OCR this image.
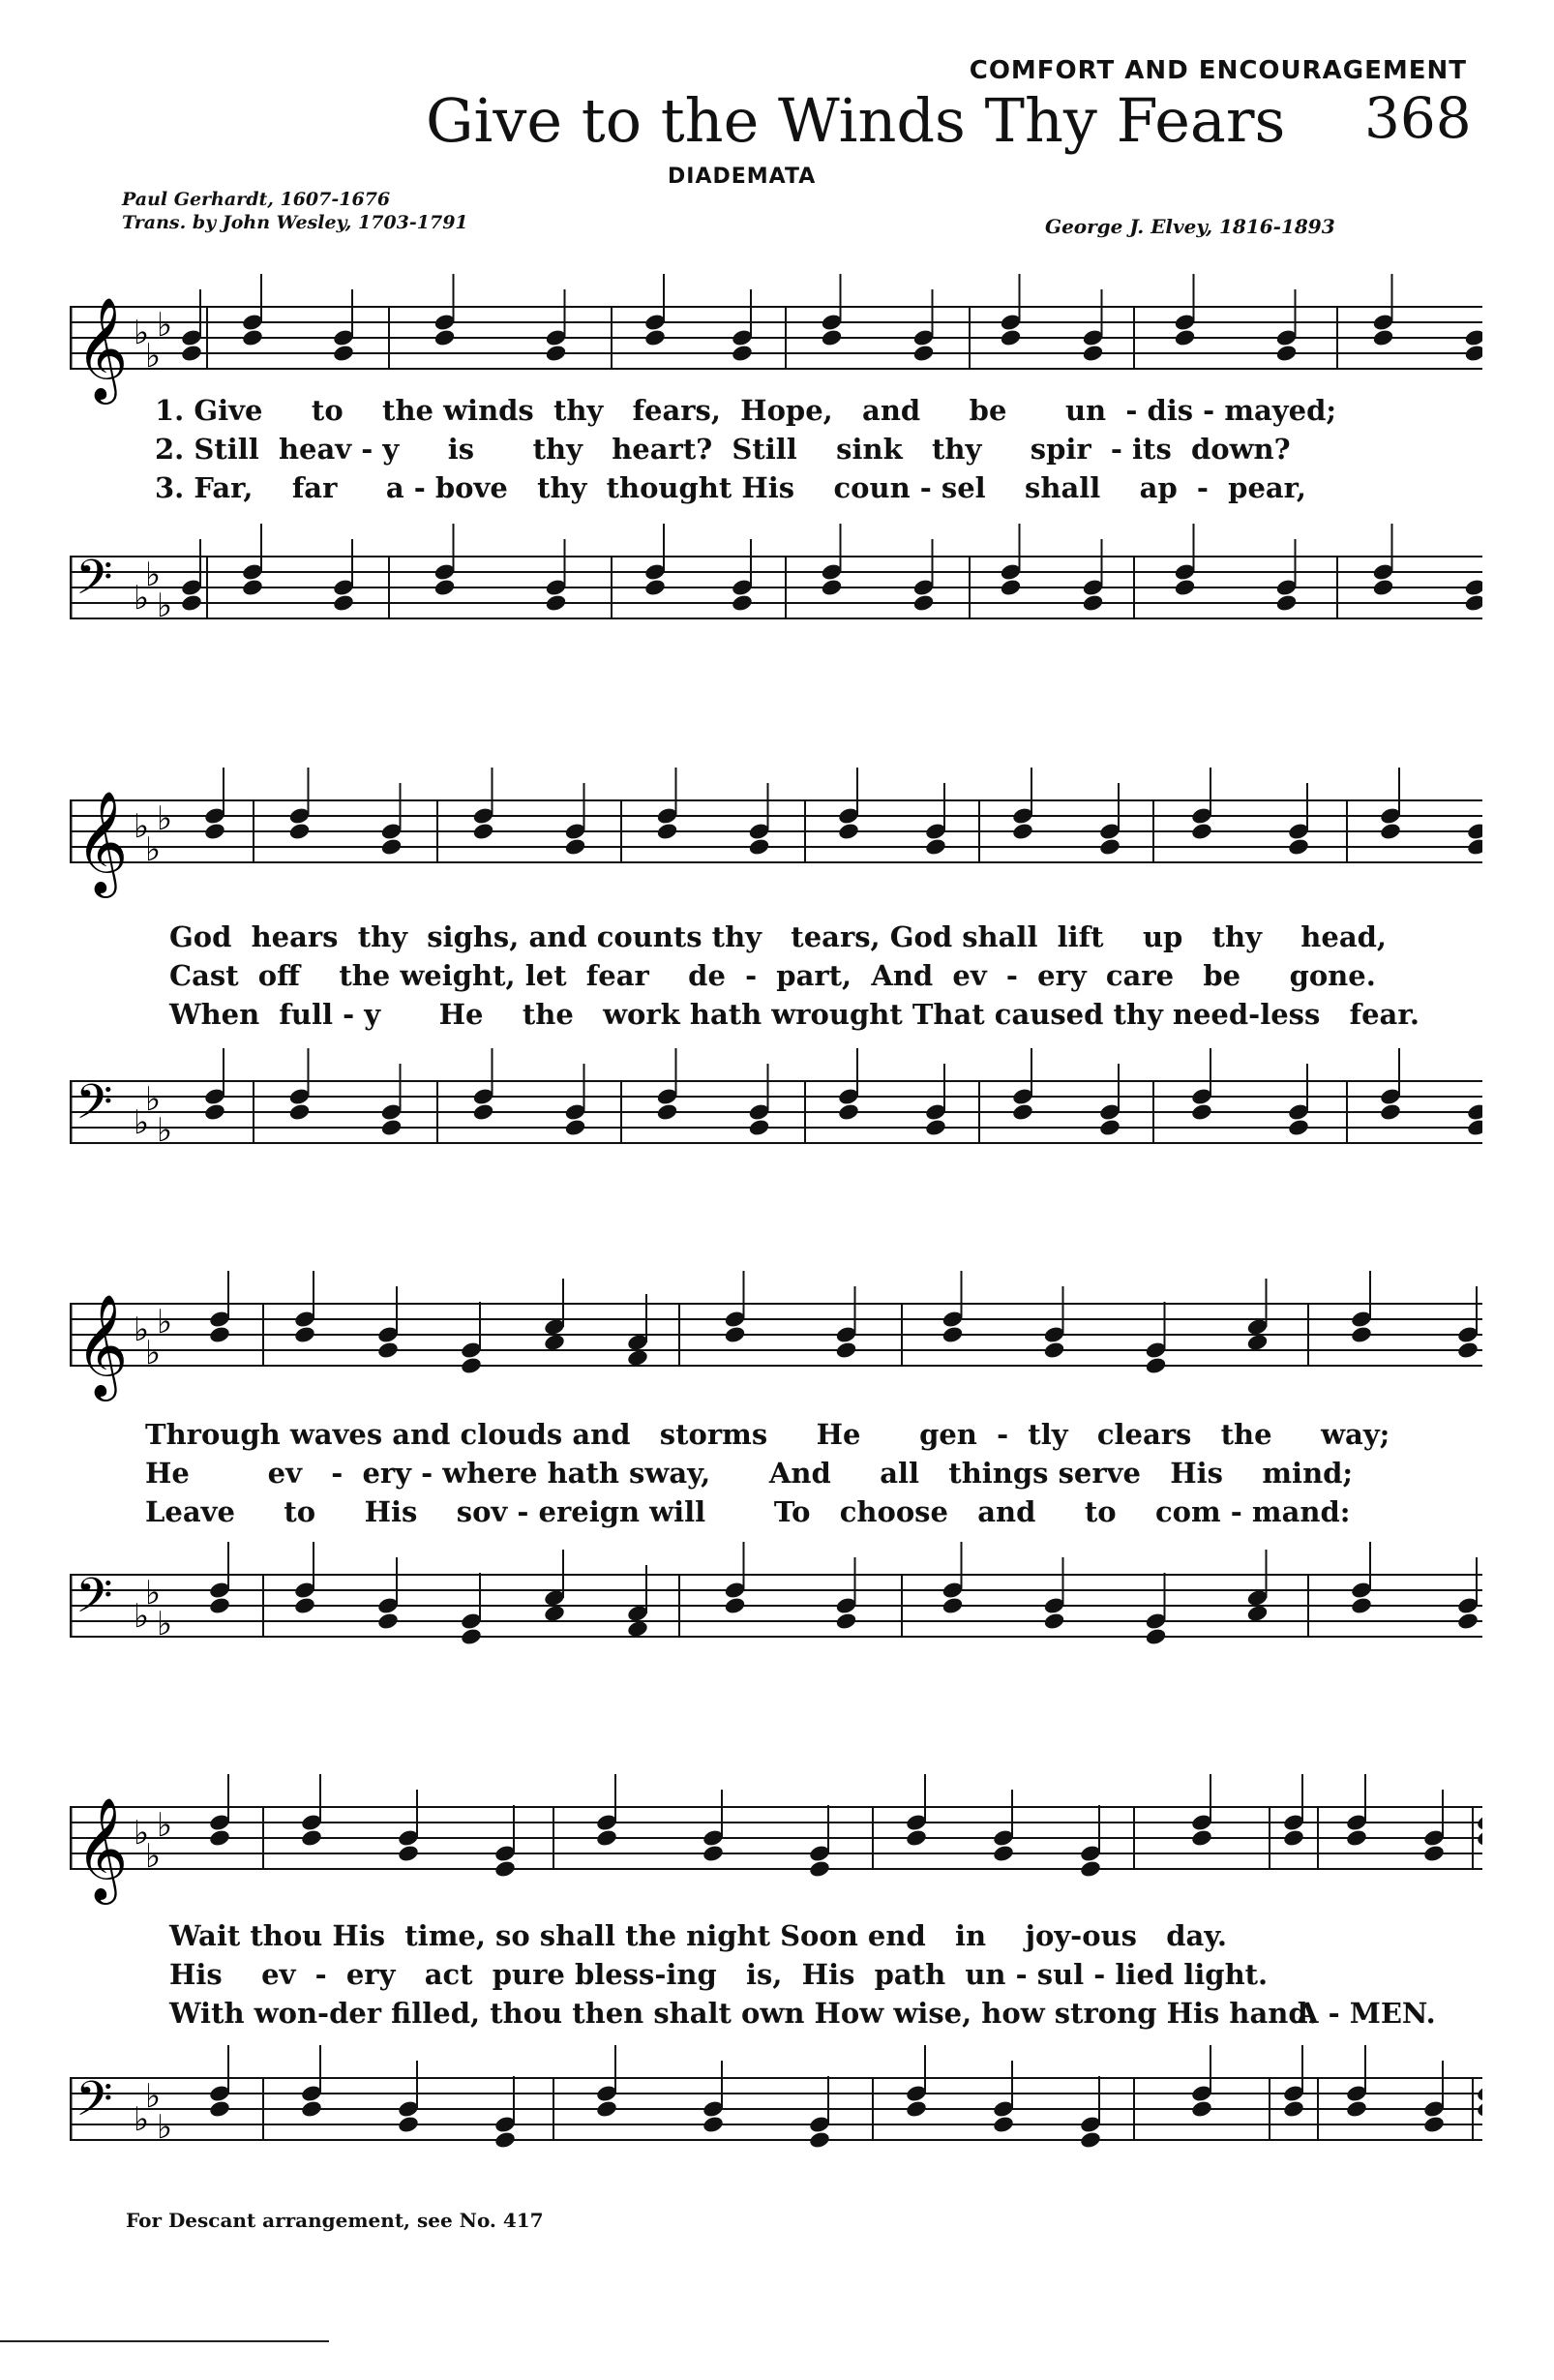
COMFORT AND ENCOURAGEMENT
Give to the Winds Thy Fears 368
DIADEMATA
Paul Gerhardt, 1607-1676
Trans. by John Wesley, 1703-1791	George J. Elvey, 1816-1893
𝄞 ♭
♭
♭
1. Give     to    the winds  thy   fears,  Hope,   and     be      un  - dis - mayed;
2. Still  heav - y     is      thy   heart?  Still    sink   thy     spir  - its  down?
3. Far,    far     a - bove   thy  thought His    coun - sel    shall    ap  -  pear,
𝄢 ♭
♭
♭
𝄞 ♭
♭
♭
God  hears  thy  sighs, and counts thy   tears, God shall  lift    up   thy    head,
Cast  off    the weight, let  fear    de  -  part,  And  ev  -  ery  care   be     gone.
When  full - y      He    the   work hath wrought That caused thy need-less   fear.
𝄢 ♭
♭
♭
𝄞 ♭
♭
♭
Through waves and clouds and   storms     He      gen  -  tly   clears   the     way;
He        ev   -  ery - where hath sway,      And     all   things serve   His    mind;
Leave     to     His    sov - ereign will       To   choose   and     to    com - mand:
𝄢 ♭
♭
♭
𝄞 ♭
♭
♭
Wait thou His  time, so shall the night Soon end   in    joy-ous   day.
His    ev  -  ery   act  pure bless-ing   is,  His  path  un - sul - lied light.
With won-der filled, thou then shalt own How wise, how strong His hand.
A - MEN.
𝄢 ♭
♭
♭
For Descant arrangement, see No. 417
